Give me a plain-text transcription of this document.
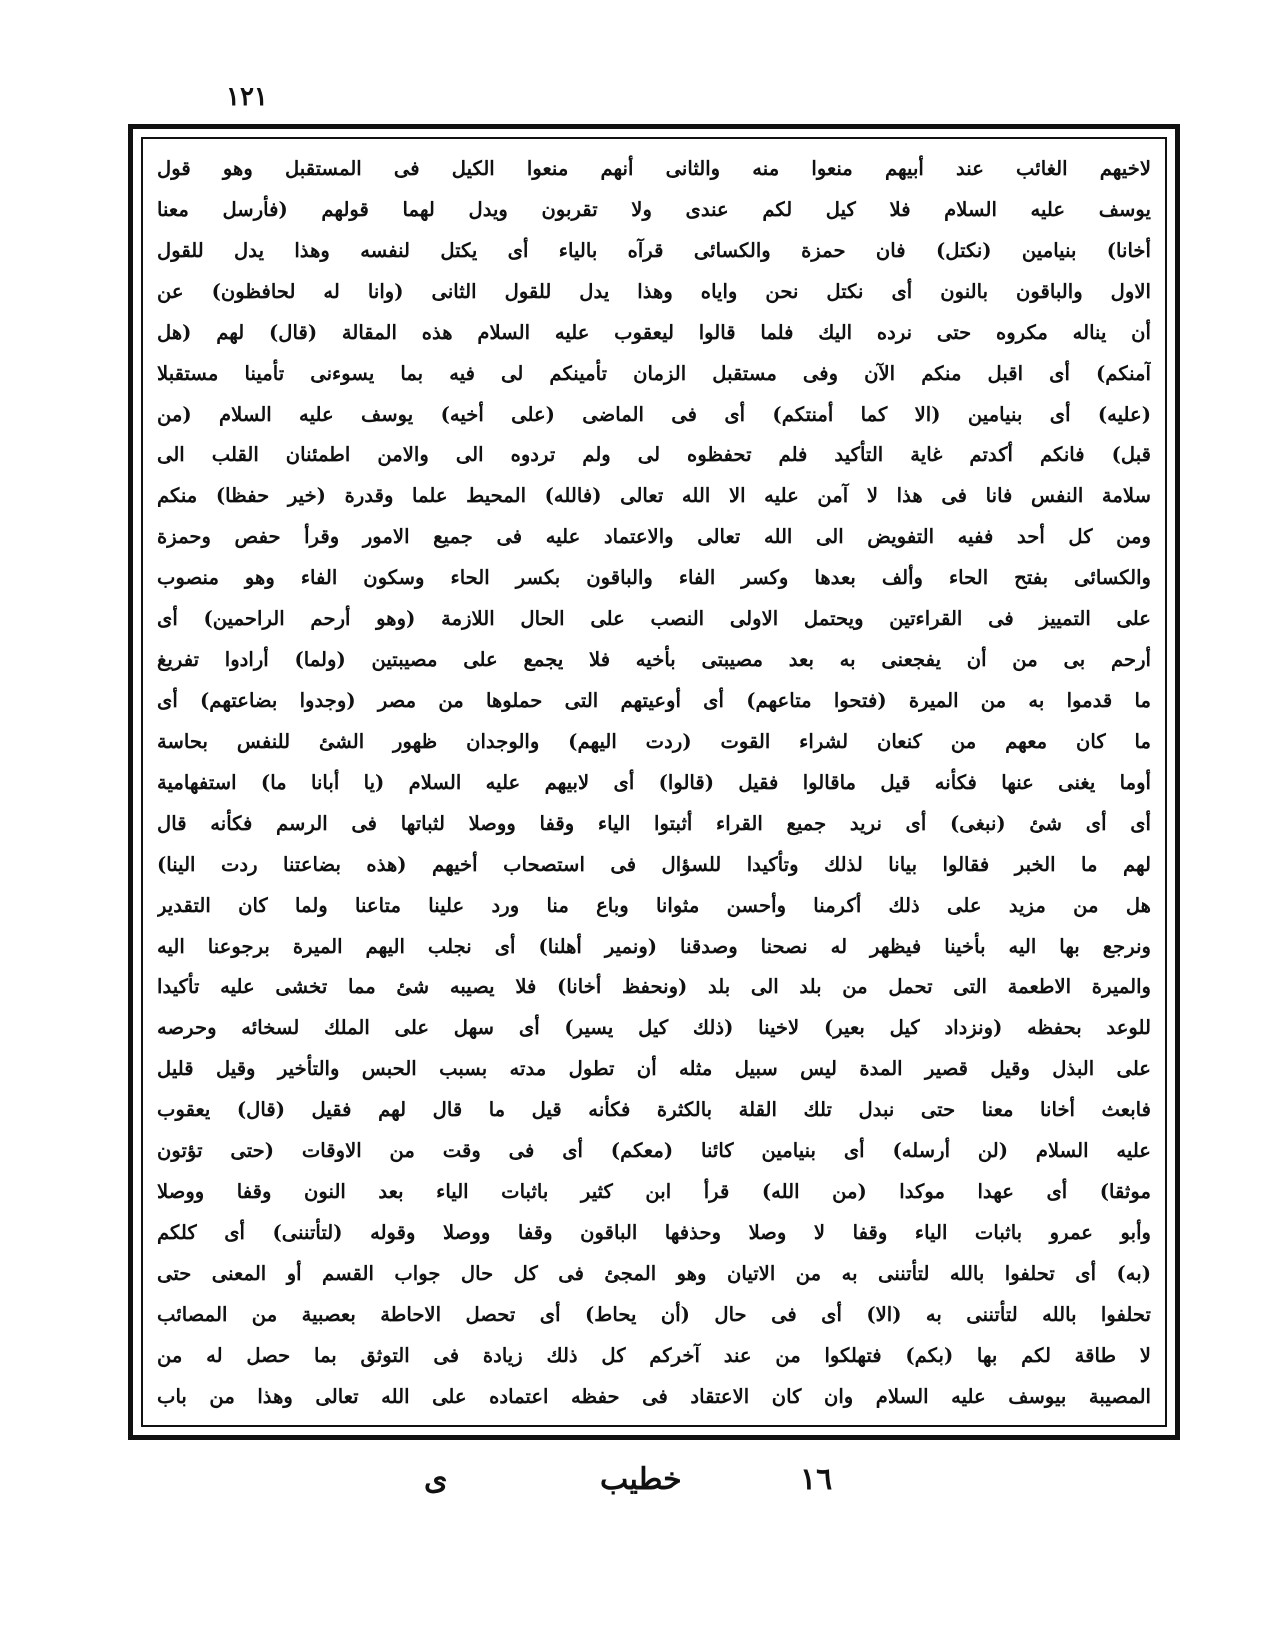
١٢١
لاخيهم الغائب عند أبيهم منعوا منه والثانى أنهم منعوا الكيل فى المستقبل وهو قول
يوسف عليه السلام فلا كيل لكم عندى ولا تقربون ويدل لهما قولهم (فأرسل معنا
أخانا) بنيامين (نكتل) فان حمزة والكسائى قرآه بالياء أى يكتل لنفسه وهذا يدل للقول
الاول والباقون بالنون أى نكتل نحن واياه وهذا يدل للقول الثانى (وانا له لحافظون) عن
أن يناله مكروه حتى نرده اليك فلما قالوا ليعقوب عليه السلام هذه المقالة (قال) لهم (هل
آمنكم) أى اقبل منكم الآن وفى مستقبل الزمان تأمينكم لى فيه بما يسوءنى تأمينا مستقبلا
(عليه) أى بنيامين (الا كما أمنتكم) أى فى الماضى (على أخيه) يوسف عليه السلام (من
قبل) فانكم أكدتم غاية التأكيد فلم تحفظوه لى ولم تردوه الى والامن اطمئنان القلب الى
سلامة النفس فانا فى هذا لا آمن عليه الا الله تعالى (فالله) المحيط علما وقدرة (خير حفظا) منكم
ومن كل أحد ففيه التفويض الى الله تعالى والاعتماد عليه فى جميع الامور وقرأ حفص وحمزة
والكسائى بفتح الحاء وألف بعدها وكسر الفاء والباقون بكسر الحاء وسكون الفاء وهو منصوب
على التمييز فى القراءتين ويحتمل الاولى النصب على الحال اللازمة (وهو أرحم الراحمين) أى
أرحم بى من أن يفجعنى به بعد مصيبتى بأخيه فلا يجمع على مصيبتين (ولما) أرادوا تفريغ
ما قدموا به من الميرة (فتحوا متاعهم) أى أوعيتهم التى حملوها من مصر (وجدوا بضاعتهم) أى
ما كان معهم من كنعان لشراء القوت (ردت اليهم) والوجدان ظهور الشئ للنفس بحاسة
أوما يغنى عنها فكأنه قيل ماقالوا فقيل (قالوا) أى لابيهم عليه السلام (يا أبانا ما) استفهامية
أى أى شئ (نبغى) أى نريد جميع القراء أثبتوا الياء وقفا ووصلا لثباتها فى الرسم فكأنه قال
لهم ما الخبر فقالوا بيانا لذلك وتأكيدا للسؤال فى استصحاب أخيهم (هذه بضاعتنا ردت الينا)
هل من مزيد على ذلك أكرمنا وأحسن مثوانا وباع منا ورد علينا متاعنا ولما كان التقدير
ونرجع بها اليه بأخينا فيظهر له نصحنا وصدقنا (ونمير أهلنا) أى نجلب اليهم الميرة برجوعنا اليه
والميرة الاطعمة التى تحمل من بلد الى بلد (ونحفظ أخانا) فلا يصيبه شئ مما تخشى عليه تأكيدا
للوعد بحفظه (ونزداد كيل بعير) لاخينا (ذلك كيل يسير) أى سهل على الملك لسخائه وحرصه
على البذل وقيل قصير المدة ليس سبيل مثله أن تطول مدته بسبب الحبس والتأخير وقيل قليل
فابعث أخانا معنا حتى نبدل تلك القلة بالكثرة فكأنه قيل ما قال لهم فقيل (قال) يعقوب
عليه السلام (لن أرسله) أى بنيامين كائنا (معكم) أى فى وقت من الاوقات (حتى تؤتون
موثقا) أى عهدا موكدا (من الله) قرأ ابن كثير باثبات الياء بعد النون وقفا ووصلا
وأبو عمرو باثبات الياء وقفا لا وصلا وحذفها الباقون وقفا ووصلا وقوله (لتأتننى) أى كلكم
(به) أى تحلفوا بالله لتأتننى به من الاتيان وهو المجئ فى كل حال جواب القسم أو المعنى حتى
تحلفوا بالله لتأتننى به (الا) أى فى حال (أن يحاط) أى تحصل الاحاطة بعصبية من المصائب
لا طاقة لكم بها (بكم) فتهلكوا من عند آخركم كل ذلك زيادة فى التوثق بما حصل له من
المصيبة بيوسف عليه السلام وان كان الاعتقاد فى حفظه اعتماده على الله تعالى وهذا من باب
١٦
خطيب
ى
